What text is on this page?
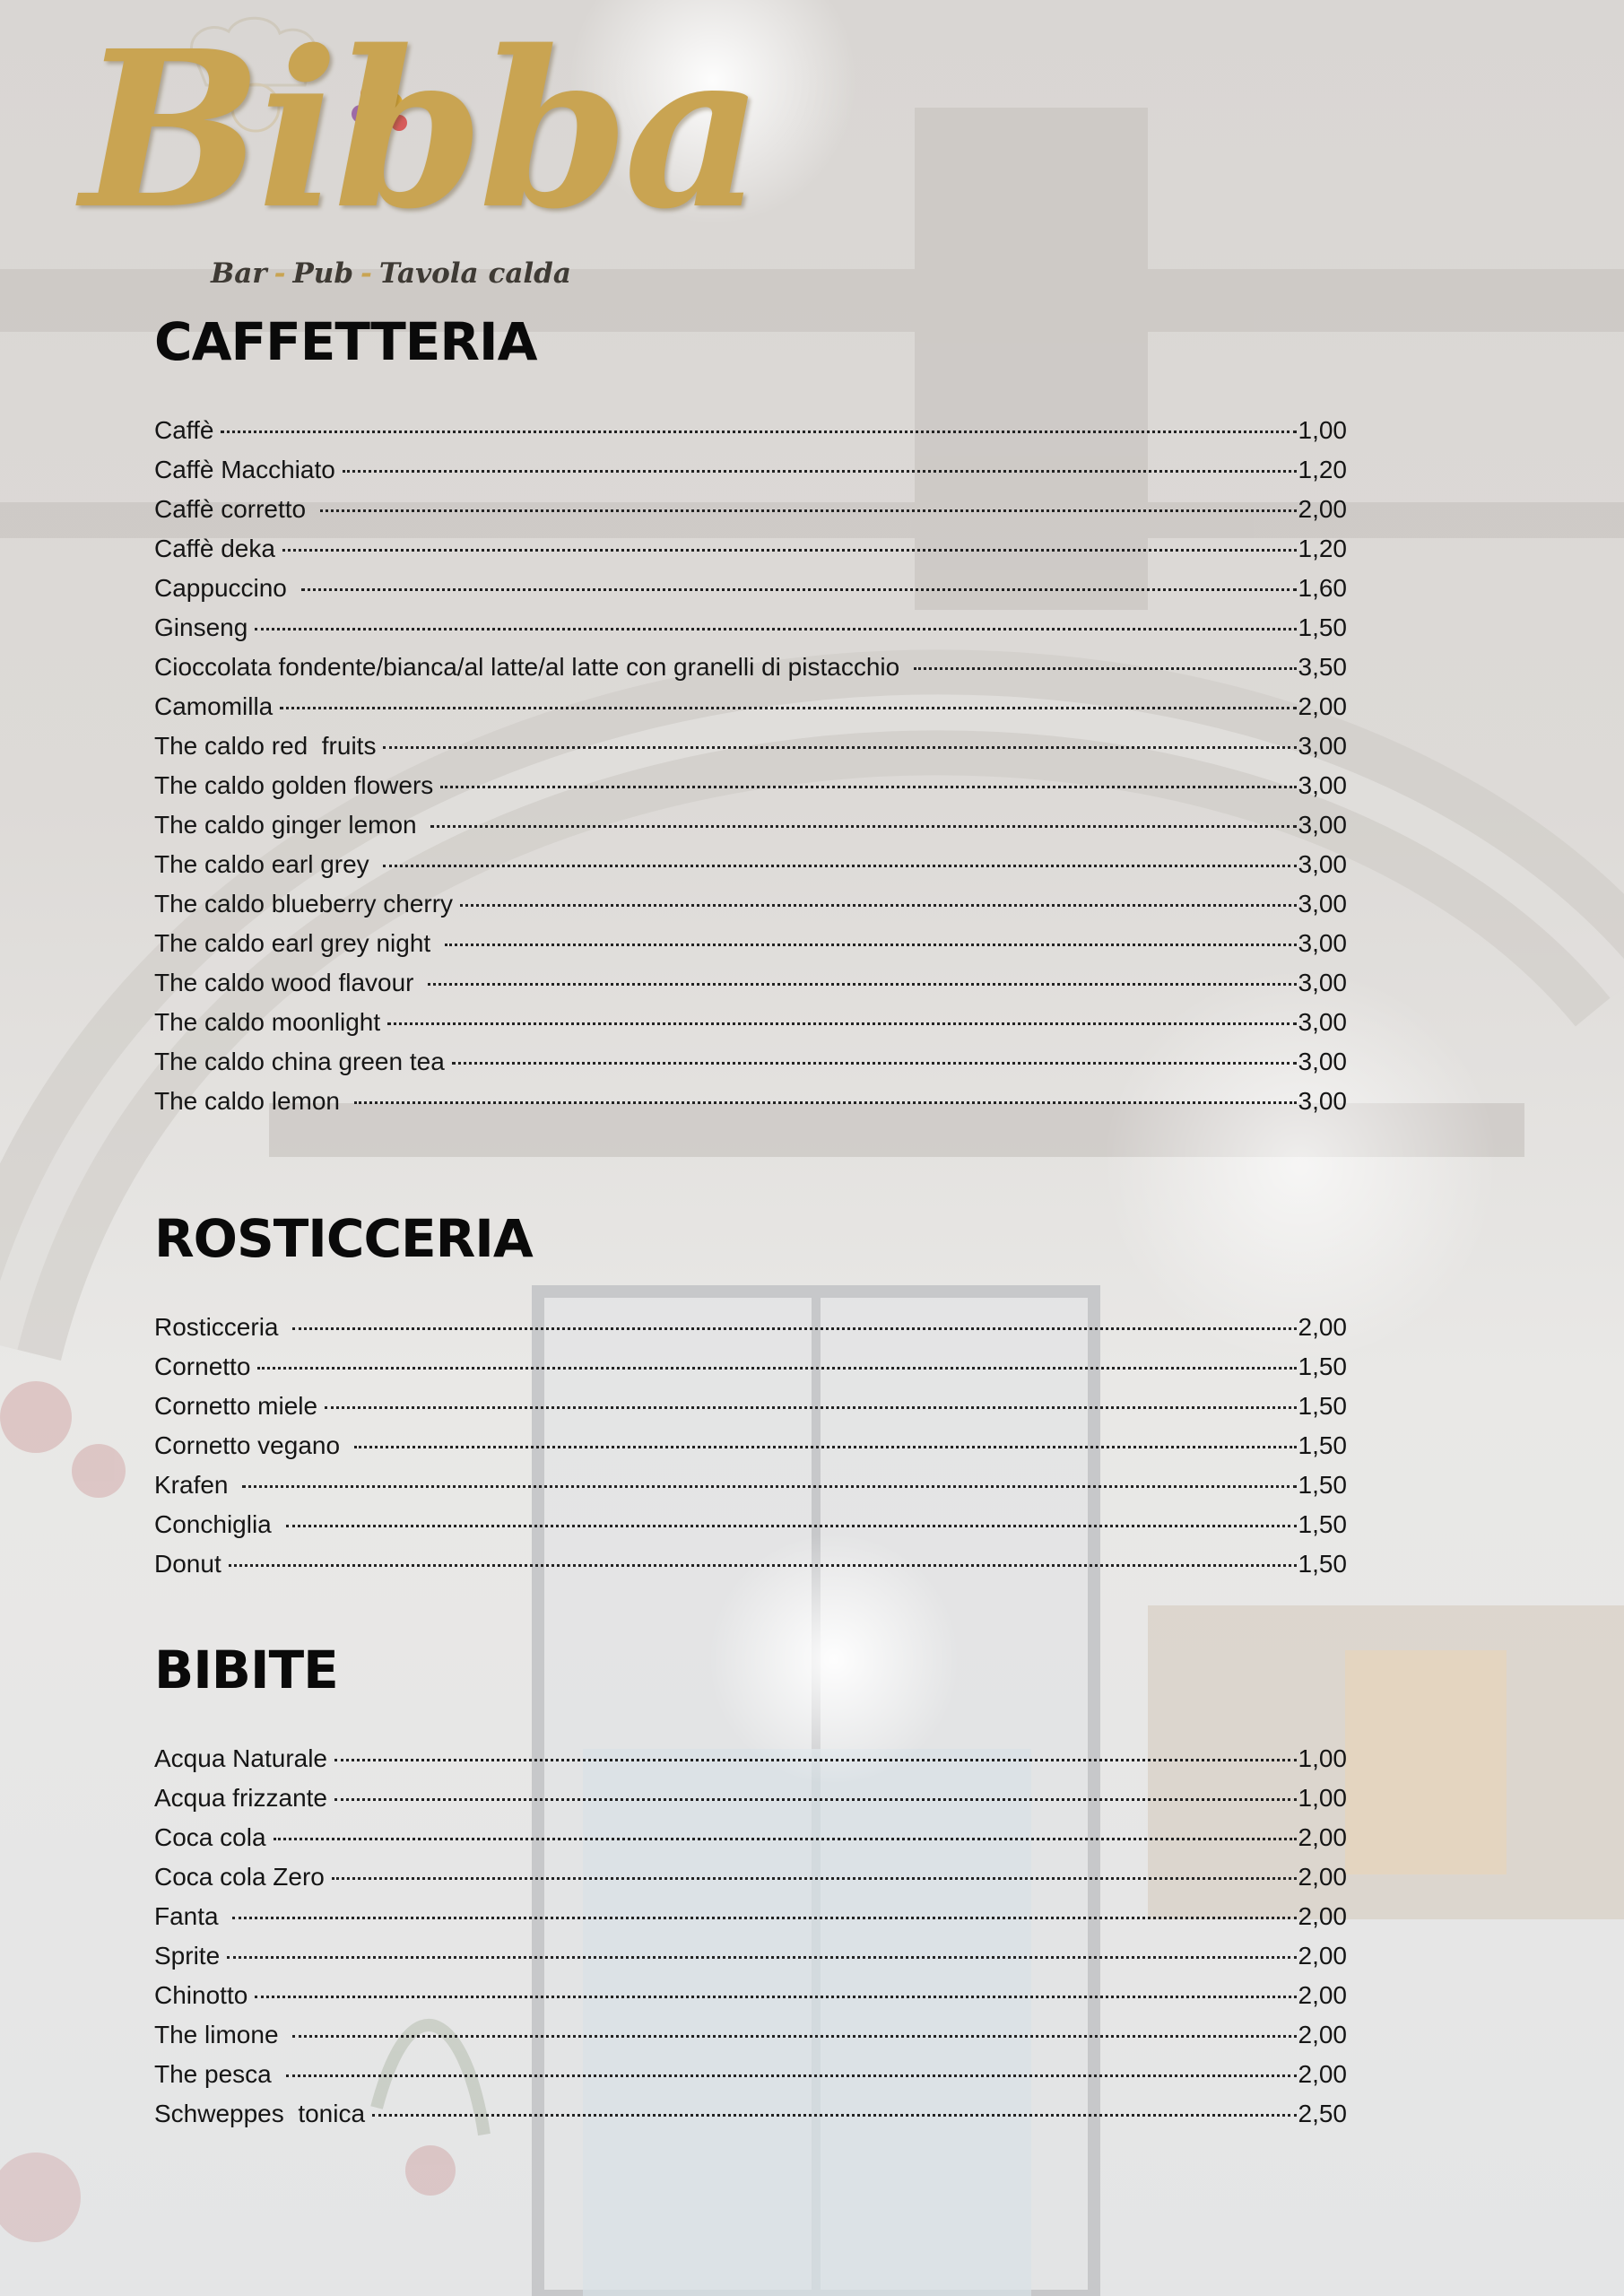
Bibba
Bar - Pub - Tavola calda
CAFFETTERIA
Caffè	1,00
Caffè Macchiato	1,20
Caffè corretto	2,00
Caffè deka	1,20
Cappuccino	1,60
Ginseng	1,50
Cioccolata fondente/bianca/al latte/al latte con granelli di pistacchio	3,50
Camomilla	2,00
The caldo red  fruits	3,00
The caldo golden flowers	3,00
The caldo ginger lemon	3,00
The caldo earl grey	3,00
The caldo blueberry cherry	3,00
The caldo earl grey night	3,00
The caldo wood flavour	3,00
The caldo moonlight	3,00
The caldo china green tea	3,00
The caldo lemon	3,00
ROSTICCERIA
Rosticceria	2,00
Cornetto	1,50
Cornetto miele	1,50
Cornetto vegano	1,50
Krafen	1,50
Conchiglia	1,50
Donut	1,50
BIBITE
Acqua Naturale	1,00
Acqua frizzante	1,00
Coca cola	2,00
Coca cola Zero	2,00
Fanta	2,00
Sprite	2,00
Chinotto	2,00
The limone	2,00
The pesca	2,00
Schweppes  tonica	2,50
